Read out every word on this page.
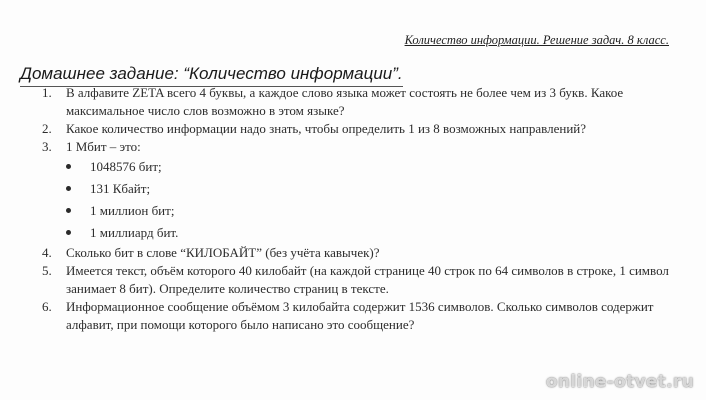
Количество информации. Решение задач. 8 класс.
Домашнее задание: “Количество информации”.
1. В алфавите ZETA всего 4 буквы, а каждое слово языка может состоять не более чем из 3 букв. Какое максимальное число слов возможно в этом языке?
2. Какое количество информации надо знать, чтобы определить 1 из 8 возможных направлений?
3. 1 Мбит – это:
1048576 бит;
131 Кбайт;
1 миллион бит;
1 миллиард бит.
4. Сколько бит в слове “КИЛОБАЙТ” (без учёта кавычек)?
5. Имеется текст, объём которого 40 килобайт (на каждой странице 40 строк по 64 символов в строке, 1 символ занимает 8 бит). Определите количество страниц в тексте.
6. Информационное сообщение объёмом 3 килобайта содержит 1536 символов. Сколько символов содержит алфавит, при помощи которого было написано это сообщение?
online-otvet.ru
